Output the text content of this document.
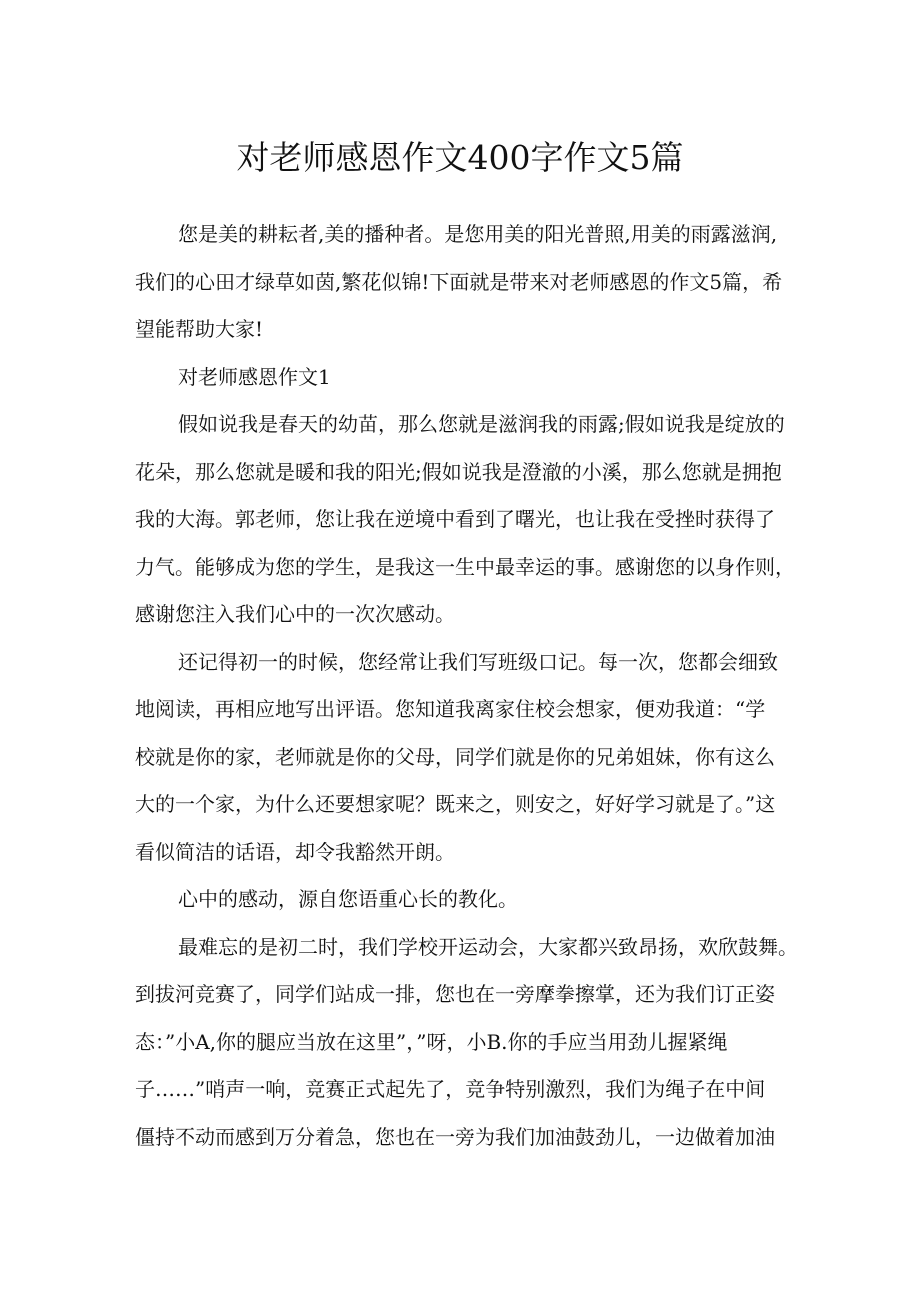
对老师感恩作文400字作文5篇
您是美的耕耘者,美的播种者。是您用美的阳光普照,用美的雨露滋润,
我们的心田才绿草如茵,繁花似锦!下面就是带来对老师感恩的作文5篇，希
望能帮助大家!
对老师感恩作文1
假如说我是春天的幼苗，那么您就是滋润我的雨露;假如说我是绽放的
花朵，那么您就是暖和我的阳光;假如说我是澄澈的小溪，那么您就是拥抱
我的大海。郭老师，您让我在逆境中看到了曙光，也让我在受挫时获得了
力气。能够成为您的学生，是我这一生中最幸运的事。感谢您的以身作则，
感谢您注入我们心中的一次次感动。
还记得初一的时候，您经常让我们写班级口记。每一次，您都会细致
地阅读，再相应地写出评语。您知道我离家住校会想家，便劝我道：“学
校就是你的家，老师就是你的父母，同学们就是你的兄弟姐妹，你有这么
大的一个家，为什么还要想家呢？既来之，则安之，好好学习就是了。”这
看似简洁的话语，却令我豁然开朗。
心中的感动，源自您语重心长的教化。
最难忘的是初二时，我们学校开运动会，大家都兴致昂扬，欢欣鼓舞。
到拔河竞赛了，同学们站成一排，您也在一旁摩拳擦掌，还为我们订正姿
态：”小A,你的腿应当放在这里”，”呀，小B.你的手应当用劲儿握紧绳
子……”哨声一响，竞赛正式起先了，竞争特别激烈，我们为绳子在中间
僵持不动而感到万分着急，您也在一旁为我们加油鼓劲儿，一边做着加油
